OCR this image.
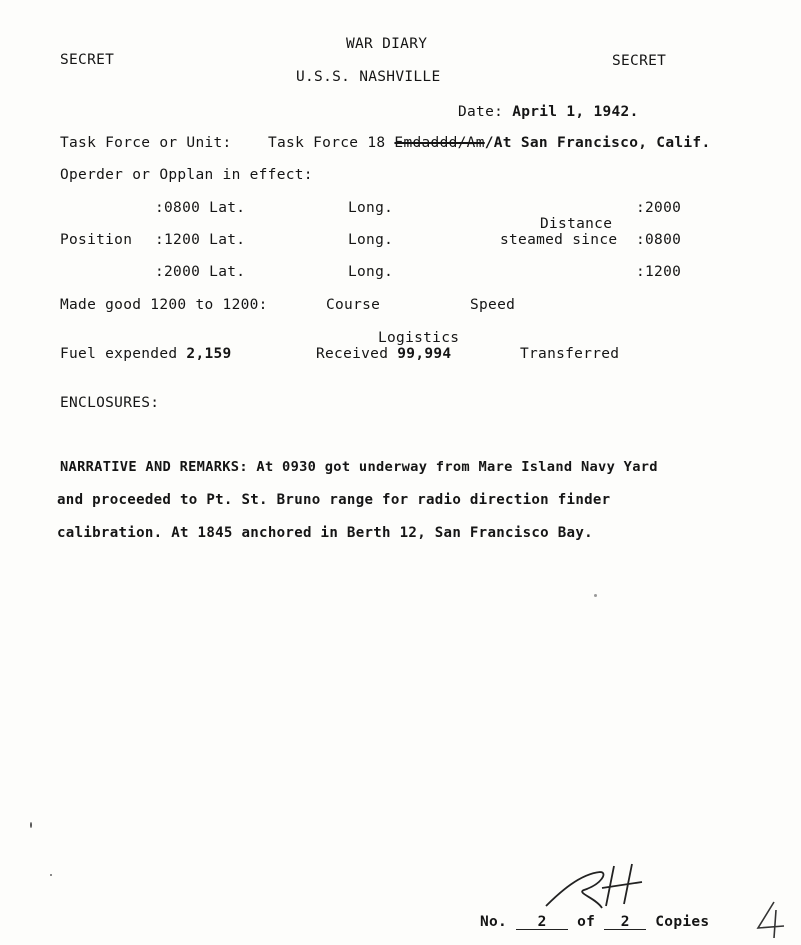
SECRET
WAR DIARY
SECRET
U.S.S. NASHVILLE
Date: April 1, 1942.
Task Force or Unit:	Task Force 18 Emdaddd/Am/At San Francisco, Calif.
Operder or Opplan in effect:
:0800 Lat.	Long.	:2000
Distance
Position :1200 Lat.	Long.	steamed since :0800
:2000 Lat.	Long.	:1200
Made good 1200 to 1200:	Course	Speed
Logistics
Fuel expended 2,159	Received 99,994	Transferred
ENCLOSURES:
NARRATIVE AND REMARKS: At 0930 got underway from Mare Island Navy Yard
and proceeded to Pt. St. Bruno range for radio direction finder
calibration. At 1845 anchored in Berth 12, San Francisco Bay.
No. 2 of 2 Copies
